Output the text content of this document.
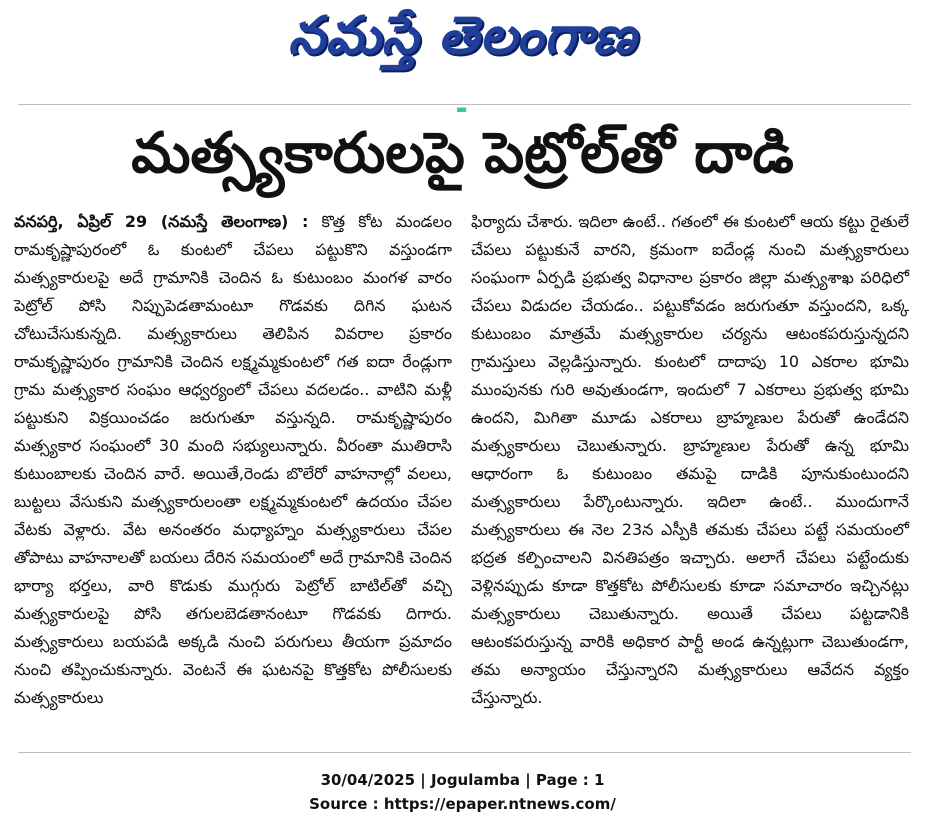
నమస్తే తెలంగాణ
▬
మత్స్యకారులపై పెట్రోల్‌తో దాడి

వనపర్తి, ఏప్రిల్ 29 (నమస్తే తెలంగాణ) : కొత్త కోట మండలం రామకృష్ణాపురంలో ఓ కుంటలో చేపలు పట్టుకొని వస్తుండగా మత్స్యకారులపై అదే గ్రామానికి చెందిన ఓ కుటుంబం మంగళ వారం పెట్రోల్ పోసి నిప్పుపెడతామంటూ గొడవకు దిగిన ఘటన చోటుచేసుకున్నది. మత్స్యకారులు తెలిపిన వివరాల ప్రకారం రామకృష్ణాపురం గ్రామానికి చెందిన లక్ష్మమ్మకుంటలో గత ఐదా రేండ్లుగా గ్రామ మత్స్యకార సంఘం ఆధ్వర్యంలో చేపలు వదలడం.. వాటిని మళ్లీ పట్టుకుని విక్రయించడం జరుగుతూ వస్తున్నది. రామకృష్ణాపురం మత్స్యకార సంఘంలో 30 మంది సభ్యులున్నారు. వీరంతా ముతిరాసి కుటుంబాలకు చెందిన వారే. అయితే,రెండు బొలేరో వాహనాల్లో వలలు, బుట్టలు వేసుకుని మత్స్యకారులంతా లక్ష్మమ్మకుంటలో ఉదయం చేపల వేటకు వెళ్లారు. వేట అనంతరం మధ్యాహ్నం మత్స్యకారులు చేపల తోపాటు వాహనాలతో బయలు దేరిన సమయంలో అదే గ్రామానికి చెందిన భార్యా భర్తలు, వారి కొడుకు ముగ్గురు పెట్రోల్ బాటిల్‌తో వచ్చి మత్స్యకారులపై పోసి తగులబెడతానంటూ గొడవకు దిగారు. మత్స్యకారులు బయపడి అక్కడి నుంచి పరుగులు తీయగా ప్రమాదం నుంచి తప్పించుకున్నారు. వెంటనే ఈ ఘటనపై కొత్తకోట పోలీసులకు మత్స్యకారులు

ఫిర్యాదు చేశారు. ఇదిలా ఉంటే.. గతంలో ఈ కుంటలో ఆయ కట్టు రైతులే చేపలు పట్టుకునే వారని, క్రమంగా ఐదేండ్ల నుంచి మత్స్యకారులు సంఘంగా ఏర్పడి ప్రభుత్వ విధానాల ప్రకారం జిల్లా మత్స్యశాఖ పరిధిలో చేపలు విడుదల చేయడం.. పట్టుకోవడం జరుగుతూ వస్తుందని, ఒక్క కుటుంబం మాత్రమే మత్స్యకారుల చర్యను ఆటంకపరుస్తున్నదని గ్రామస్తులు వెల్లడిస్తున్నారు. కుంటలో దాదాపు 10 ఎకరాల భూమి ముంపునకు గురి అవుతుండగా, ఇందులో 7 ఎకరాలు ప్రభుత్వ భూమి ఉందని, మిగితా మూడు ఎకరాలు బ్రాహ్మణుల పేరుతో ఉండేదని మత్స్యకారులు చెబుతున్నారు. బ్రాహ్మణుల పేరుతో ఉన్న భూమి ఆధారంగా ఓ కుటుంబం తమపై దాడికి పూనుకుంటుందని మత్స్యకారులు పేర్కొంటున్నారు. ఇదిలా ఉంటే.. ముందుగానే మత్స్యకారులు ఈ నెల 23న ఎస్పీకి తమకు చేపలు పట్టే సమయంలో భద్రత కల్పించాలని వినతిపత్రం ఇచ్చారు. అలాగే చేపలు పట్టేందుకు వెళ్లినప్పుడు కూడా కొత్తకోట పోలీసులకు కూడా సమాచారం ఇచ్చినట్లు మత్స్యకారులు చెబుతున్నారు. అయితే చేపలు పట్టడానికి ఆటంకపరుస్తున్న వారికి అధికార పార్టీ అండ ఉన్నట్లుగా చెబుతుండగా, తమ అన్యాయం చేస్తున్నారని మత్స్యకారులు ఆవేదన వ్యక్తం చేస్తున్నారు.

30/04/2025 | Jogulamba | Page : 1
Source : https://epaper.ntnews.com/
